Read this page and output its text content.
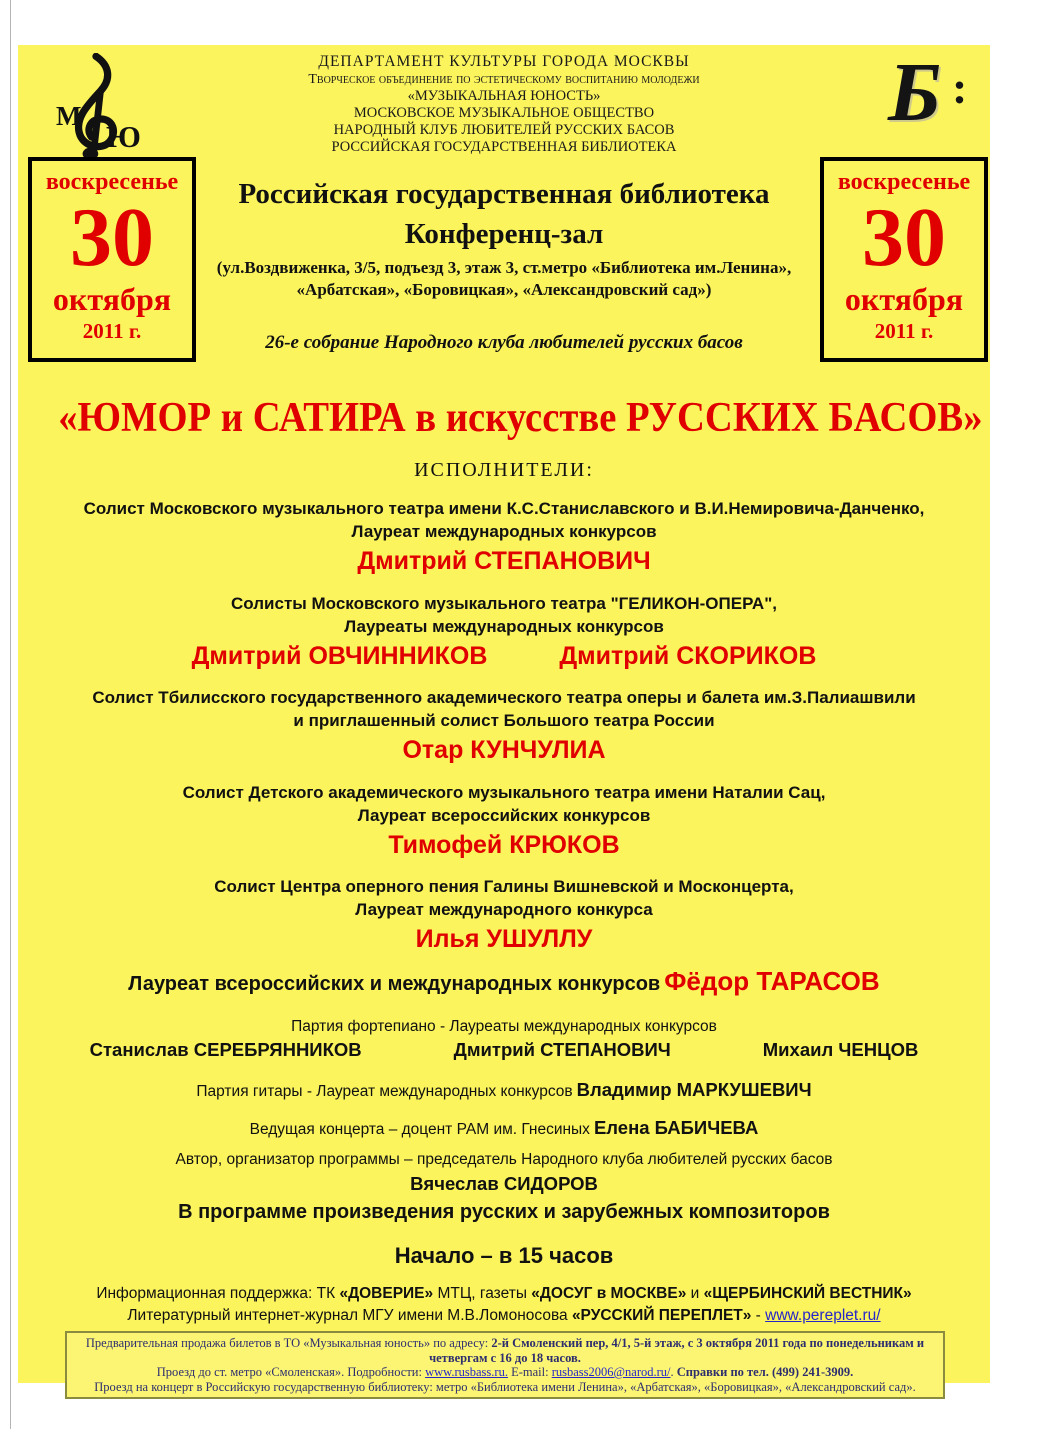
М
Ю	Б :
ДЕПАРТАМЕНТ КУЛЬТУРЫ ГОРОДА МОСКВЫ
Творческое объединение по эстетическому воспитанию молодежи
«МУЗЫКАЛЬНАЯ ЮНОСТЬ»
МОСКОВСКОЕ МУЗЫКАЛЬНОЕ ОБЩЕСТВО
НАРОДНЫЙ КЛУБ ЛЮБИТЕЛЕЙ РУССКИХ БАСОВ
РОССИЙСКАЯ ГОСУДАРСТВЕННАЯ БИБЛИОТЕКА
воскресенье
30
октября
2011 г.
воскресенье
30
октября
2011 г.
Российская государственная библиотека
Конференц-зал
(ул.Воздвиженка, 3/5, подъезд 3, этаж 3, ст.метро «Библиотека им.Ленина»,
«Арбатская», «Боровицкая», «Александровский сад»)
26-е собрание Народного клуба любителей русских басов
«ЮМОР и САТИРА в искусстве РУССКИХ БАСОВ»
ИСПОЛНИТЕЛИ:
Солист Московского музыкального театра имени К.С.Станиславского и В.И.Немировича-Данченко,
Лауреат международных конкурсов
Дмитрий СТЕПАНОВИЧ
Солисты Московского музыкального театра "ГЕЛИКОН-ОПЕРА",
Лауреаты международных конкурсов
Дмитрий ОВЧИННИКОВ	Дмитрий СКОРИКОВ
Солист Тбилисского государственного академического театра оперы и балета им.З.Палиашвили
и приглашенный солист Большого театра России
Отар КУНЧУЛИА
Солист Детского академического музыкального театра имени Наталии Сац,
Лауреат всероссийских конкурсов
Тимофей КРЮКОВ
Солист Центра оперного пения Галины Вишневской и Москонцерта,
Лауреат международного конкурса
Илья УШУЛЛУ
Лауреат всероссийских и международных конкурсов Фёдор ТАРАСОВ
Партия фортепиано - Лауреаты международных конкурсов
Станислав СЕРЕБРЯННИКОВ	Дмитрий СТЕПАНОВИЧ	Михаил ЧЕНЦОВ
Партия гитары - Лауреат международных конкурсов Владимир МАРКУШЕВИЧ
Ведущая концерта – доцент РАМ им. Гнесиных Елена БАБИЧЕВА
Автор, организатор программы – председатель Народного клуба любителей русских басов
Вячеслав СИДОРОВ
В программе произведения русских и зарубежных композиторов
Начало – в 15 часов
Информационная поддержка: ТК «ДОВЕРИЕ» МТЦ, газеты «ДОСУГ в МОСКВЕ» и «ЩЕРБИНСКИЙ ВЕСТНИК»
Литературный интернет-журнал МГУ имени М.В.Ломоносова «РУССКИЙ ПЕРЕПЛЕТ» - www.pereplet.ru/
Предварительная продажа билетов в ТО «Музыкальная юность» по адресу: 2-й Смоленский пер, 4/1, 5-й этаж, с 3 октября 2011 года по понедельникам и четвергам с 16 до 18 часов.
Проезд до ст. метро «Смоленская». Подробности: www.rusbass.ru. E-mail: rusbass2006@narod.ru/. Справки по тел. (499) 241-3909.
Проезд на концерт в Российскую государственную библиотеку: метро «Библиотека имени Ленина», «Арбатская», «Боровицкая», «Александровский сад».
